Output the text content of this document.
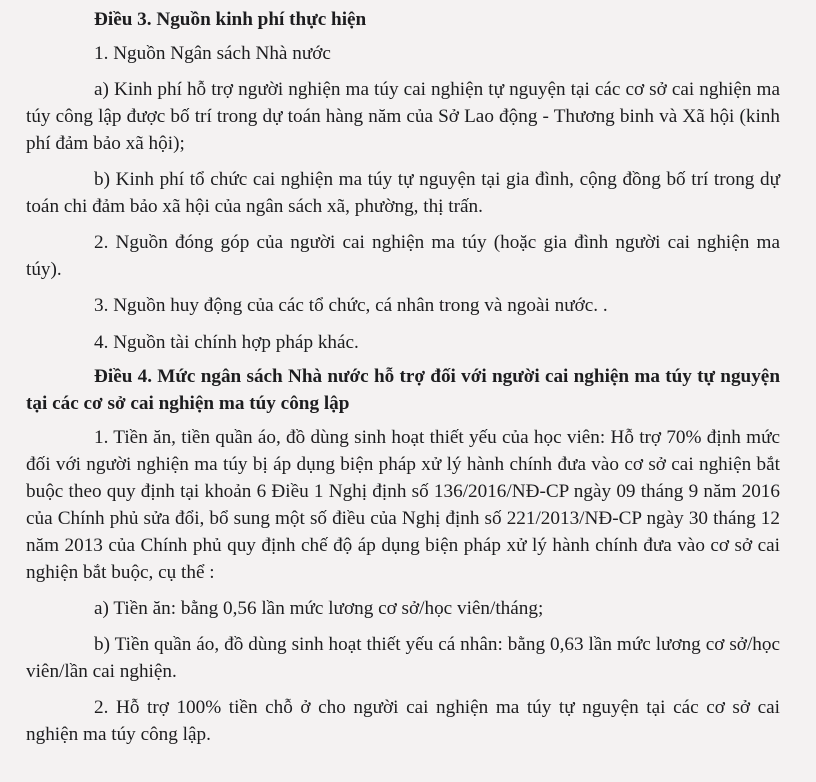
Điều 3. Nguồn kinh phí thực hiện

1. Nguồn Ngân sách Nhà nước

a) Kinh phí hỗ trợ người nghiện ma túy cai nghiện tự nguyện tại các cơ sở cai nghiện ma túy công lập được bố trí trong dự toán hàng năm của Sở Lao động - Thương binh và Xã hội (kinh phí đảm bảo xã hội);

b) Kinh phí tổ chức cai nghiện ma túy tự nguyện tại gia đình, cộng đồng bố trí trong dự toán chi đảm bảo xã hội của ngân sách xã, phường, thị trấn.

2. Nguồn đóng góp của người cai nghiện ma túy (hoặc gia đình người cai nghiện ma túy).

3. Nguồn huy động của các tổ chức, cá nhân trong và ngoài nước. .

4. Nguồn tài chính hợp pháp khác.

Điều 4. Mức ngân sách Nhà nước hỗ trợ đối với người cai nghiện ma túy tự nguyện tại các cơ sở cai nghiện ma túy công lập

1. Tiền ăn, tiền quần áo, đồ dùng sinh hoạt thiết yếu của học viên: Hỗ trợ 70% định mức đối với người nghiện ma túy bị áp dụng biện pháp xử lý hành chính đưa vào cơ sở cai nghiện bắt buộc theo quy định tại khoản 6 Điều 1 Nghị định số 136/2016/NĐ-CP ngày 09 tháng 9 năm 2016 của Chính phủ sửa đổi, bổ sung một số điều của Nghị định số 221/2013/NĐ-CP ngày 30 tháng 12 năm 2013 của Chính phủ quy định chế độ áp dụng biện pháp xử lý hành chính đưa vào cơ sở cai nghiện bắt buộc, cụ thể :

a) Tiền ăn: bằng 0,56 lần mức lương cơ sở/học viên/tháng;

b) Tiền quần áo, đồ dùng sinh hoạt thiết yếu cá nhân: bằng 0,63 lần mức lương cơ sở/học viên/lần cai nghiện.

2. Hỗ trợ 100% tiền chỗ ở cho người cai nghiện ma túy tự nguyện tại các cơ sở cai nghiện ma túy công lập.
